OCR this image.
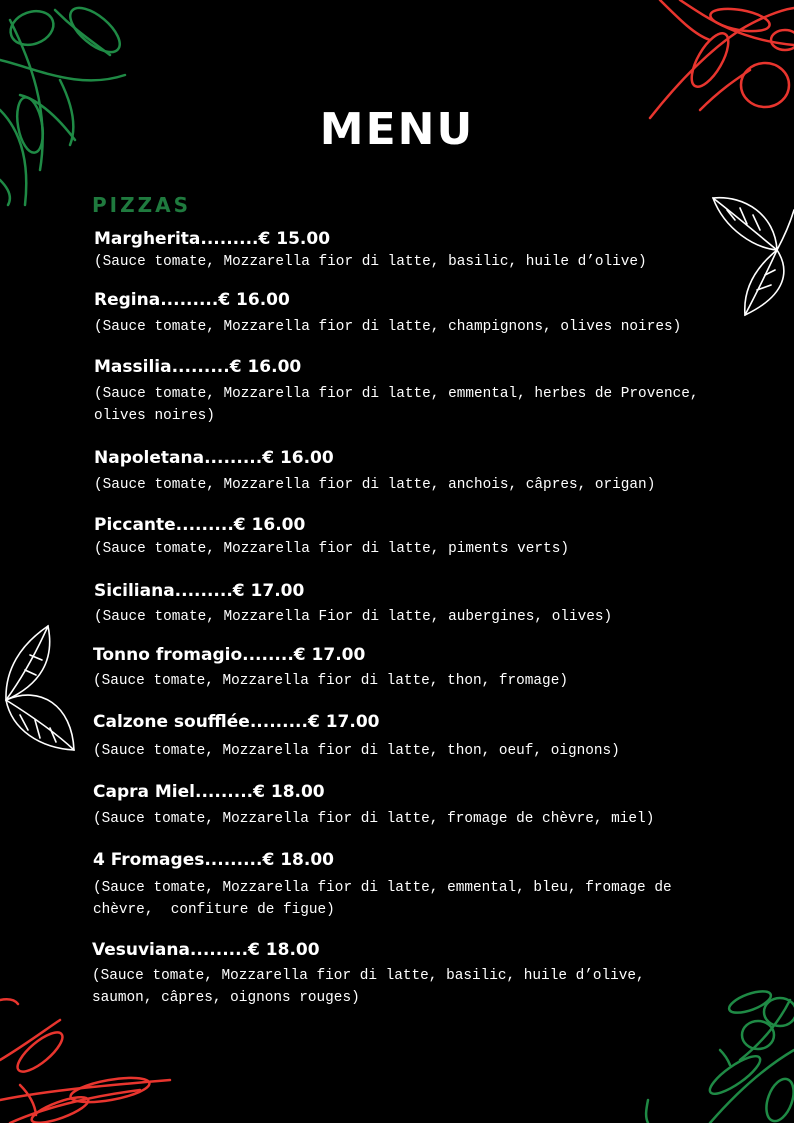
MENU
PIZZAS
Margherita.........€ 15.00
(Sauce tomate, Mozzarella fior di latte, basilic, huile d’olive)
Regina.........€ 16.00
(Sauce tomate, Mozzarella fior di latte, champignons, olives noires)
Massilia.........€ 16.00
(Sauce tomate, Mozzarella fior di latte, emmental, herbes de Provence,
olives noires)
Napoletana.........€ 16.00
(Sauce tomate, Mozzarella fior di latte, anchois, câpres, origan)
Piccante.........€ 16.00
(Sauce tomate, Mozzarella fior di latte, piments verts)
Siciliana.........€ 17.00
(Sauce tomate, Mozzarella Fior di latte, aubergines, olives)
Tonno fromagio........€ 17.00
(Sauce tomate, Mozzarella fior di latte, thon, fromage)
Calzone soufflée.........€ 17.00
(Sauce tomate, Mozzarella fior di latte, thon, oeuf, oignons)
Capra Miel.........€ 18.00
(Sauce tomate, Mozzarella fior di latte, fromage de chèvre, miel)
4 Fromages.........€ 18.00
(Sauce tomate, Mozzarella fior di latte, emmental, bleu, fromage de
chèvre,  confiture de figue)
Vesuviana.........€ 18.00
(Sauce tomate, Mozzarella fior di latte, basilic, huile d’olive,
saumon, câpres, oignons rouges)
